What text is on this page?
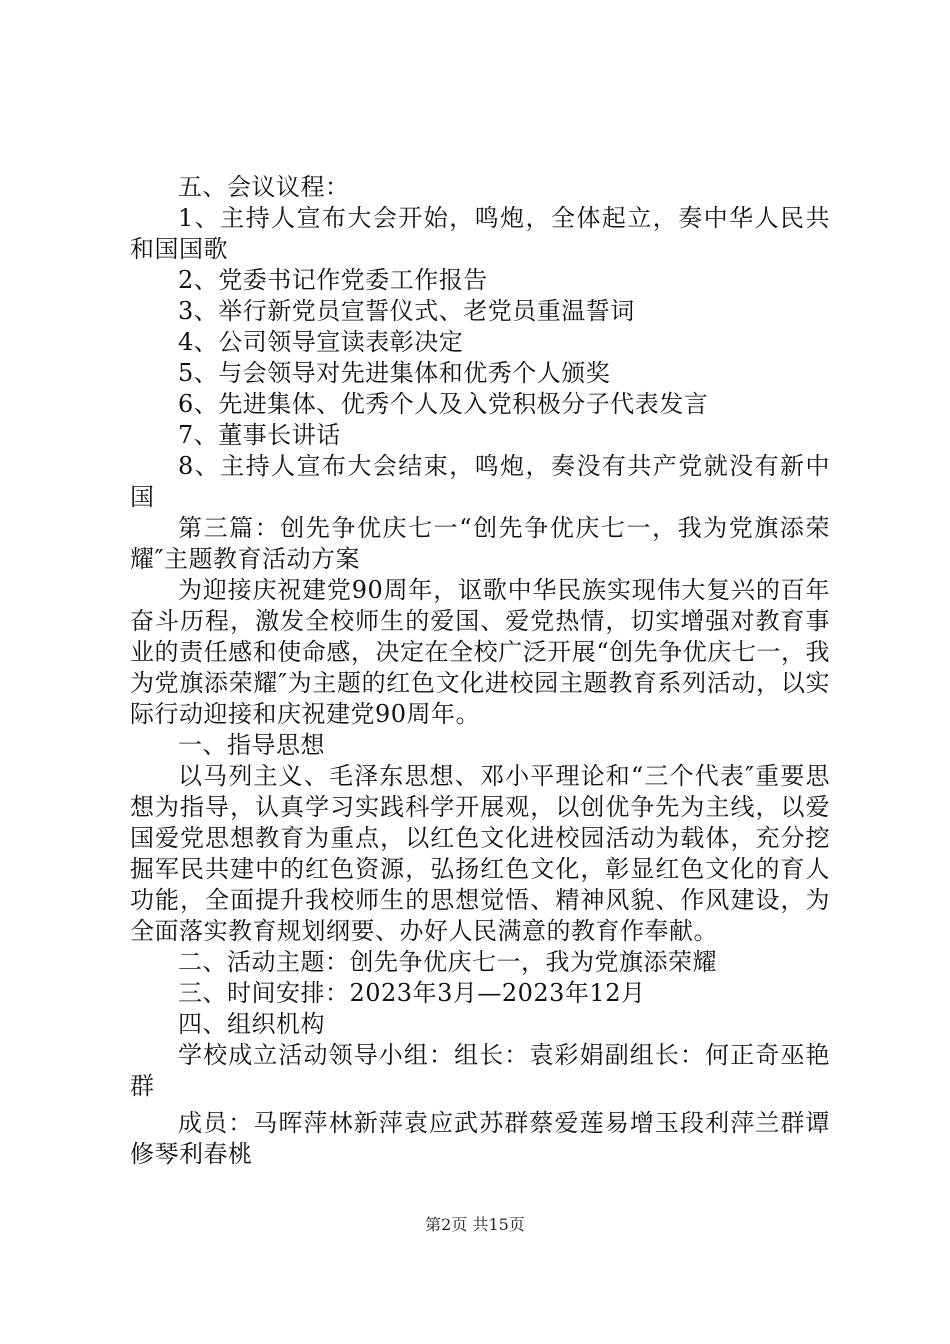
五、会议议程：

1、主持人宣布大会开始，鸣炮，全体起立，奏中华人民共和国国歌

2、党委书记作党委工作报告

3、举行新党员宣誓仪式、老党员重温誓词

4、公司领导宣读表彰决定

5、与会领导对先进集体和优秀个人颁奖

6、先进集体、优秀个人及入党积极分子代表发言

7、董事长讲话

8、主持人宣布大会结束，鸣炮，奏没有共产党就没有新中国

第三篇：创先争优庆七一“创先争优庆七一，我为党旗添荣耀″主题教育活动方案

为迎接庆祝建党90周年，讴歌中华民族实现伟大复兴的百年奋斗历程，激发全校师生的爱国、爱党热情，切实增强对教育事业的责任感和使命感，决定在全校广泛开展“创先争优庆七一，我为党旗添荣耀″为主题的红色文化进校园主题教育系列活动，以实际行动迎接和庆祝建党90周年。

一、指导思想

以马列主义、毛泽东思想、邓小平理论和“三个代表″重要思想为指导，认真学习实践科学开展观，以创优争先为主线，以爱国爱党思想教育为重点，以红色文化进校园活动为载体，充分挖掘军民共建中的红色资源，弘扬红色文化，彰显红色文化的育人功能，全面提升我校师生的思想觉悟、精神风貌、作风建设，为全面落实教育规划纲要、办好人民满意的教育作奉献。

二、活动主题：创先争优庆七一，我为党旗添荣耀

三、时间安排：2023年3月—2023年12月

四、组织机构

学校成立活动领导小组：组长：袁彩娟副组长：何正奇巫艳群

成员：马晖萍林新萍袁应武苏群蔡爱莲易增玉段利萍兰群谭修琴利春桃

第2页 共15页
